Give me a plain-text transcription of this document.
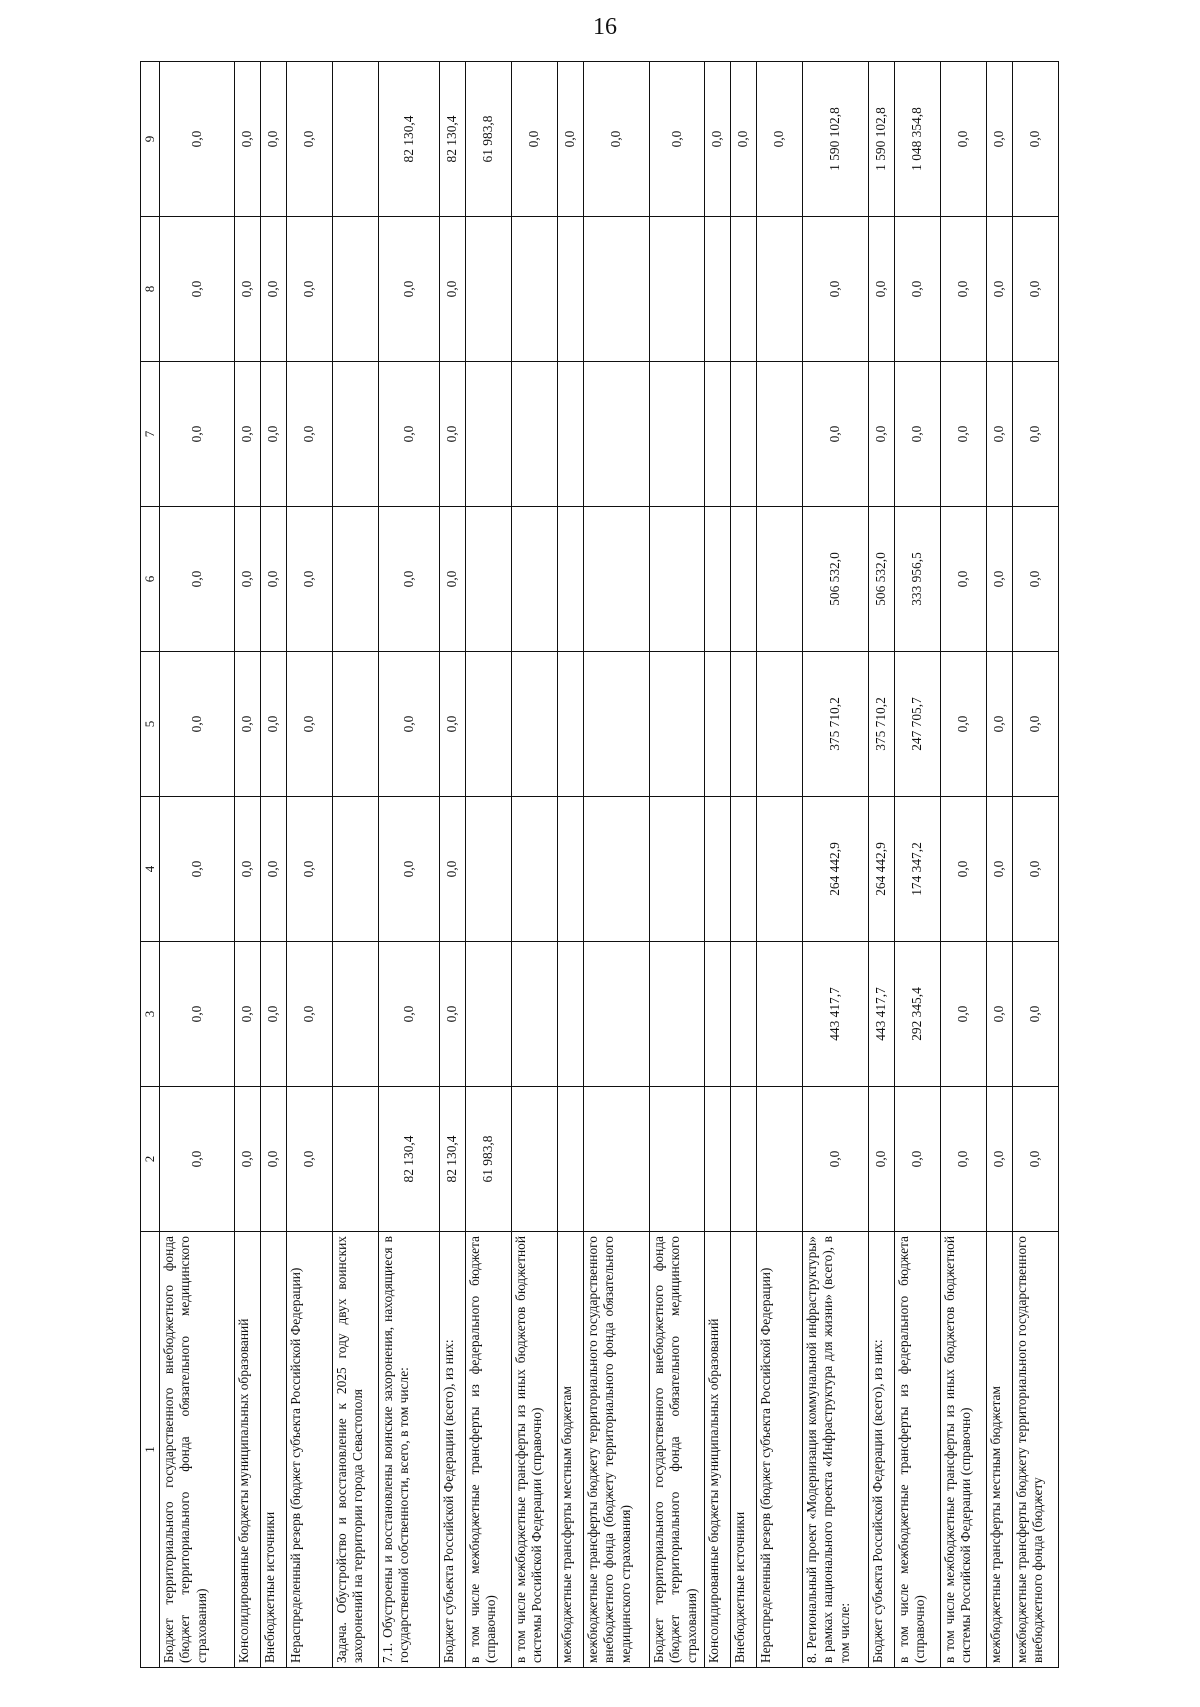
16
1	2	3	4	5	6	7	8	9
Бюджет территориального государственного внебюджетного фонда (бюджет территориального фонда обязательного медицинского страхования)	0,0	0,0	0,0	0,0	0,0	0,0	0,0	0,0
Консолидированные бюджеты муниципальных образований	0,0	0,0	0,0	0,0	0,0	0,0	0,0	0,0
Внебюджетные источники	0,0	0,0	0,0	0,0	0,0	0,0	0,0	0,0
Нераспределенный резерв (бюджет субъекта Российской Федерации)	0,0	0,0	0,0	0,0	0,0	0,0	0,0	0,0
Задача. Обустройство и восстановление к 2025 году двух воинских захоронений на территории города Севастополя								
7.1. Обустроены и восстановлены воинские захоронения, находящиеся в государственной собственности, всего, в том числе:	82 130,4	0,0	0,0	0,0	0,0	0,0	0,0	82 130,4
Бюджет субъекта Российской Федерации (всего), из них:	82 130,4	0,0	0,0	0,0	0,0	0,0	0,0	82 130,4
в том числе межбюджетные трансферты из федерального бюджета (справочно)	61 983,8							61 983,8
в том числе межбюджетные трансферты из иных бюджетов бюджетной системы Российской Федерации (справочно)								0,0
межбюджетные трансферты местным бюджетам								0,0
межбюджетные трансферты бюджету территориального государственного внебюджетного фонда (бюджету территориального фонда обязательного медицинского страхования)								0,0
Бюджет территориального государственного внебюджетного фонда (бюджет территориального фонда обязательного медицинского страхования)								0,0
Консолидированные бюджеты муниципальных образований								0,0
Внебюджетные источники								0,0
Нераспределенный резерв (бюджет субъекта Российской Федерации)								0,0
8. Региональный проект «Модернизация коммунальной инфраструктуры» в рамках национального проекта «Инфраструктура для жизни» (всего), в том числе:	0,0	443 417,7	264 442,9	375 710,2	506 532,0	0,0	0,0	1 590 102,8
Бюджет субъекта Российской Федерации (всего), из них:	0,0	443 417,7	264 442,9	375 710,2	506 532,0	0,0	0,0	1 590 102,8
в том числе межбюджетные трансферты из федерального бюджета (справочно)	0,0	292 345,4	174 347,2	247 705,7	333 956,5	0,0	0,0	1 048 354,8
в том числе межбюджетные трансферты из иных бюджетов бюджетной системы Российской Федерации (справочно)	0,0	0,0	0,0	0,0	0,0	0,0	0,0	0,0
межбюджетные трансферты местным бюджетам	0,0	0,0	0,0	0,0	0,0	0,0	0,0	0,0
межбюджетные трансферты бюджету территориального государственного внебюджетного фонда (бюджету	0,0	0,0	0,0	0,0	0,0	0,0	0,0	0,0
